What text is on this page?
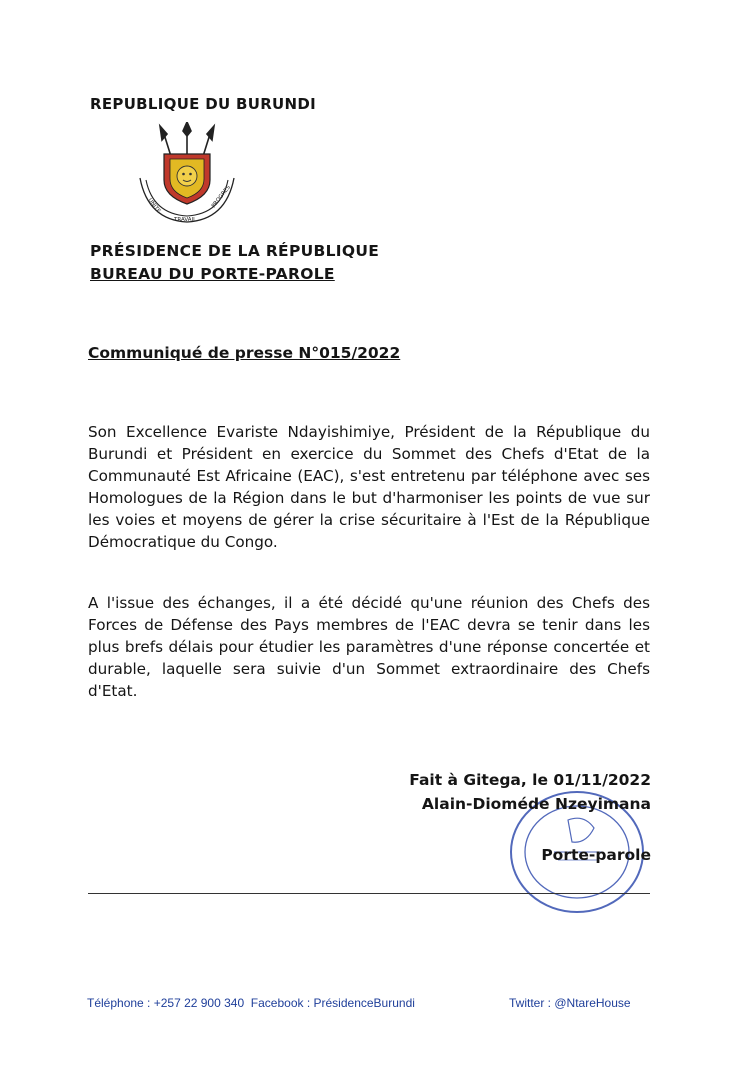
REPUBLIQUE DU BURUNDI
UNITE
TRAVAIL
PROGRES
PRÉSIDENCE DE LA RÉPUBLIQUE
BUREAU DU PORTE-PAROLE
Communiqué de presse N°015/2022

Son Excellence Evariste Ndayishimiye, Président de la République du Burundi et Président en exercice du Sommet des Chefs d'Etat de la Communauté Est Africaine (EAC), s'est entretenu par téléphone avec ses Homologues de la Région dans le but d'harmoniser les points de vue sur les voies et moyens de gérer la crise sécuritaire à l'Est de la République Démocratique du Congo.

A l'issue des échanges, il a été décidé qu'une réunion des Chefs des Forces de Défense des Pays membres de l'EAC devra se tenir dans les plus brefs délais pour étudier les paramètres d'une réponse concertée et durable, laquelle sera suivie d'un Sommet extraordinaire des Chefs d'Etat.

Fait à Gitega, le 01/11/2022
Alain-Dioméde Nzeyimana
Porte-parole
Téléphone : +257 22 900 340  Facebook : PrésidenceBurundi	Twitter : @NtareHouse
